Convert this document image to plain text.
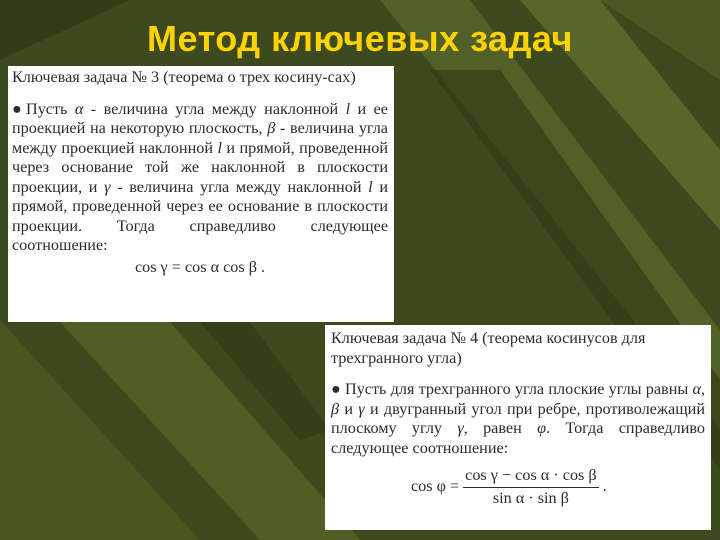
Метод ключевых задач

Ключевая задача № 3 (теорема о трех косину-сах)

● Пусть α - величина угла между наклонной l и ее проекцией на некоторую плоскость, β - величина угла между проекцией наклонной l и прямой, проведенной через основание той же наклонной в плоскости проекции, и γ - величина угла между наклонной l и прямой, проведенной через ее основание в плоскости проекции. Тогда справедливо следующее соотношение:

cos γ = cos α cos β .

Ключевая задача № 4 (теорема косинусов для трехгранного угла)

● Пусть для трехгранного угла плоские углы равны α, β и γ и двугранный угол при ребре, противолежащий плоскому углу γ, равен φ. Тогда справедливо следующее соотношение:

$\cos \varphi = \frac{\text{cos γ − cos α · cos β}}{\text{sin α · sin β}}$ .
